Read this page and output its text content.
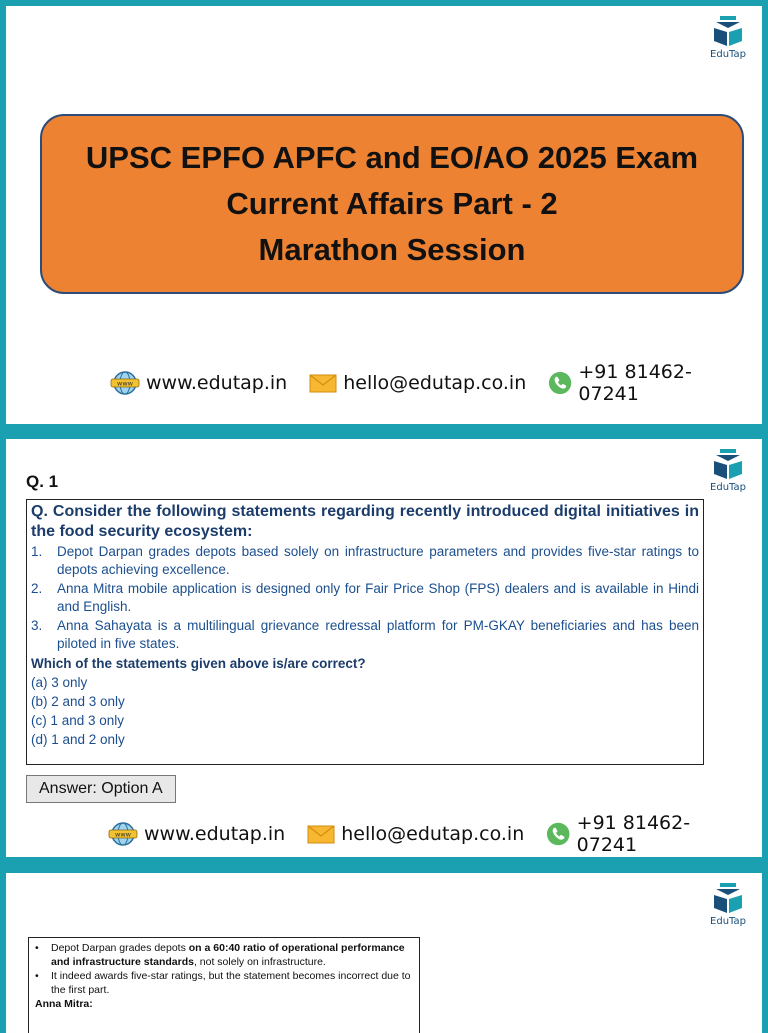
EduTap
UPSC EPFO APFC and EO/AO 2025 Exam
Current Affairs Part - 2
Marathon Session
www www.edutap.in	hello@edutap.co.in	+91 81462-07241
EduTap
Q. 1
Q. Consider the following statements regarding recently introduced digital initiatives in the food security ecosystem:
1.	Depot Darpan grades depots based solely on infrastructure parameters and provides five-star ratings to depots achieving excellence.
2.	Anna Mitra mobile application is designed only for Fair Price Shop (FPS) dealers and is available in Hindi and English.
3.	Anna Sahayata is a multilingual grievance redressal platform for PM-GKAY beneficiaries and has been piloted in five states.
Which of the statements given above is/are correct?
(a) 3 only
(b) 2 and 3 only
(c) 1 and 3 only
(d) 1 and 2 only
Answer: Option A
www www.edutap.in	hello@edutap.co.in	+91 81462-07241
EduTap
•	Depot Darpan grades depots on a 60:40 ratio of operational performance and infrastructure standards, not solely on infrastructure.
•	It indeed awards five-star ratings, but the statement becomes incorrect due to the first part.
Anna Mitra:
